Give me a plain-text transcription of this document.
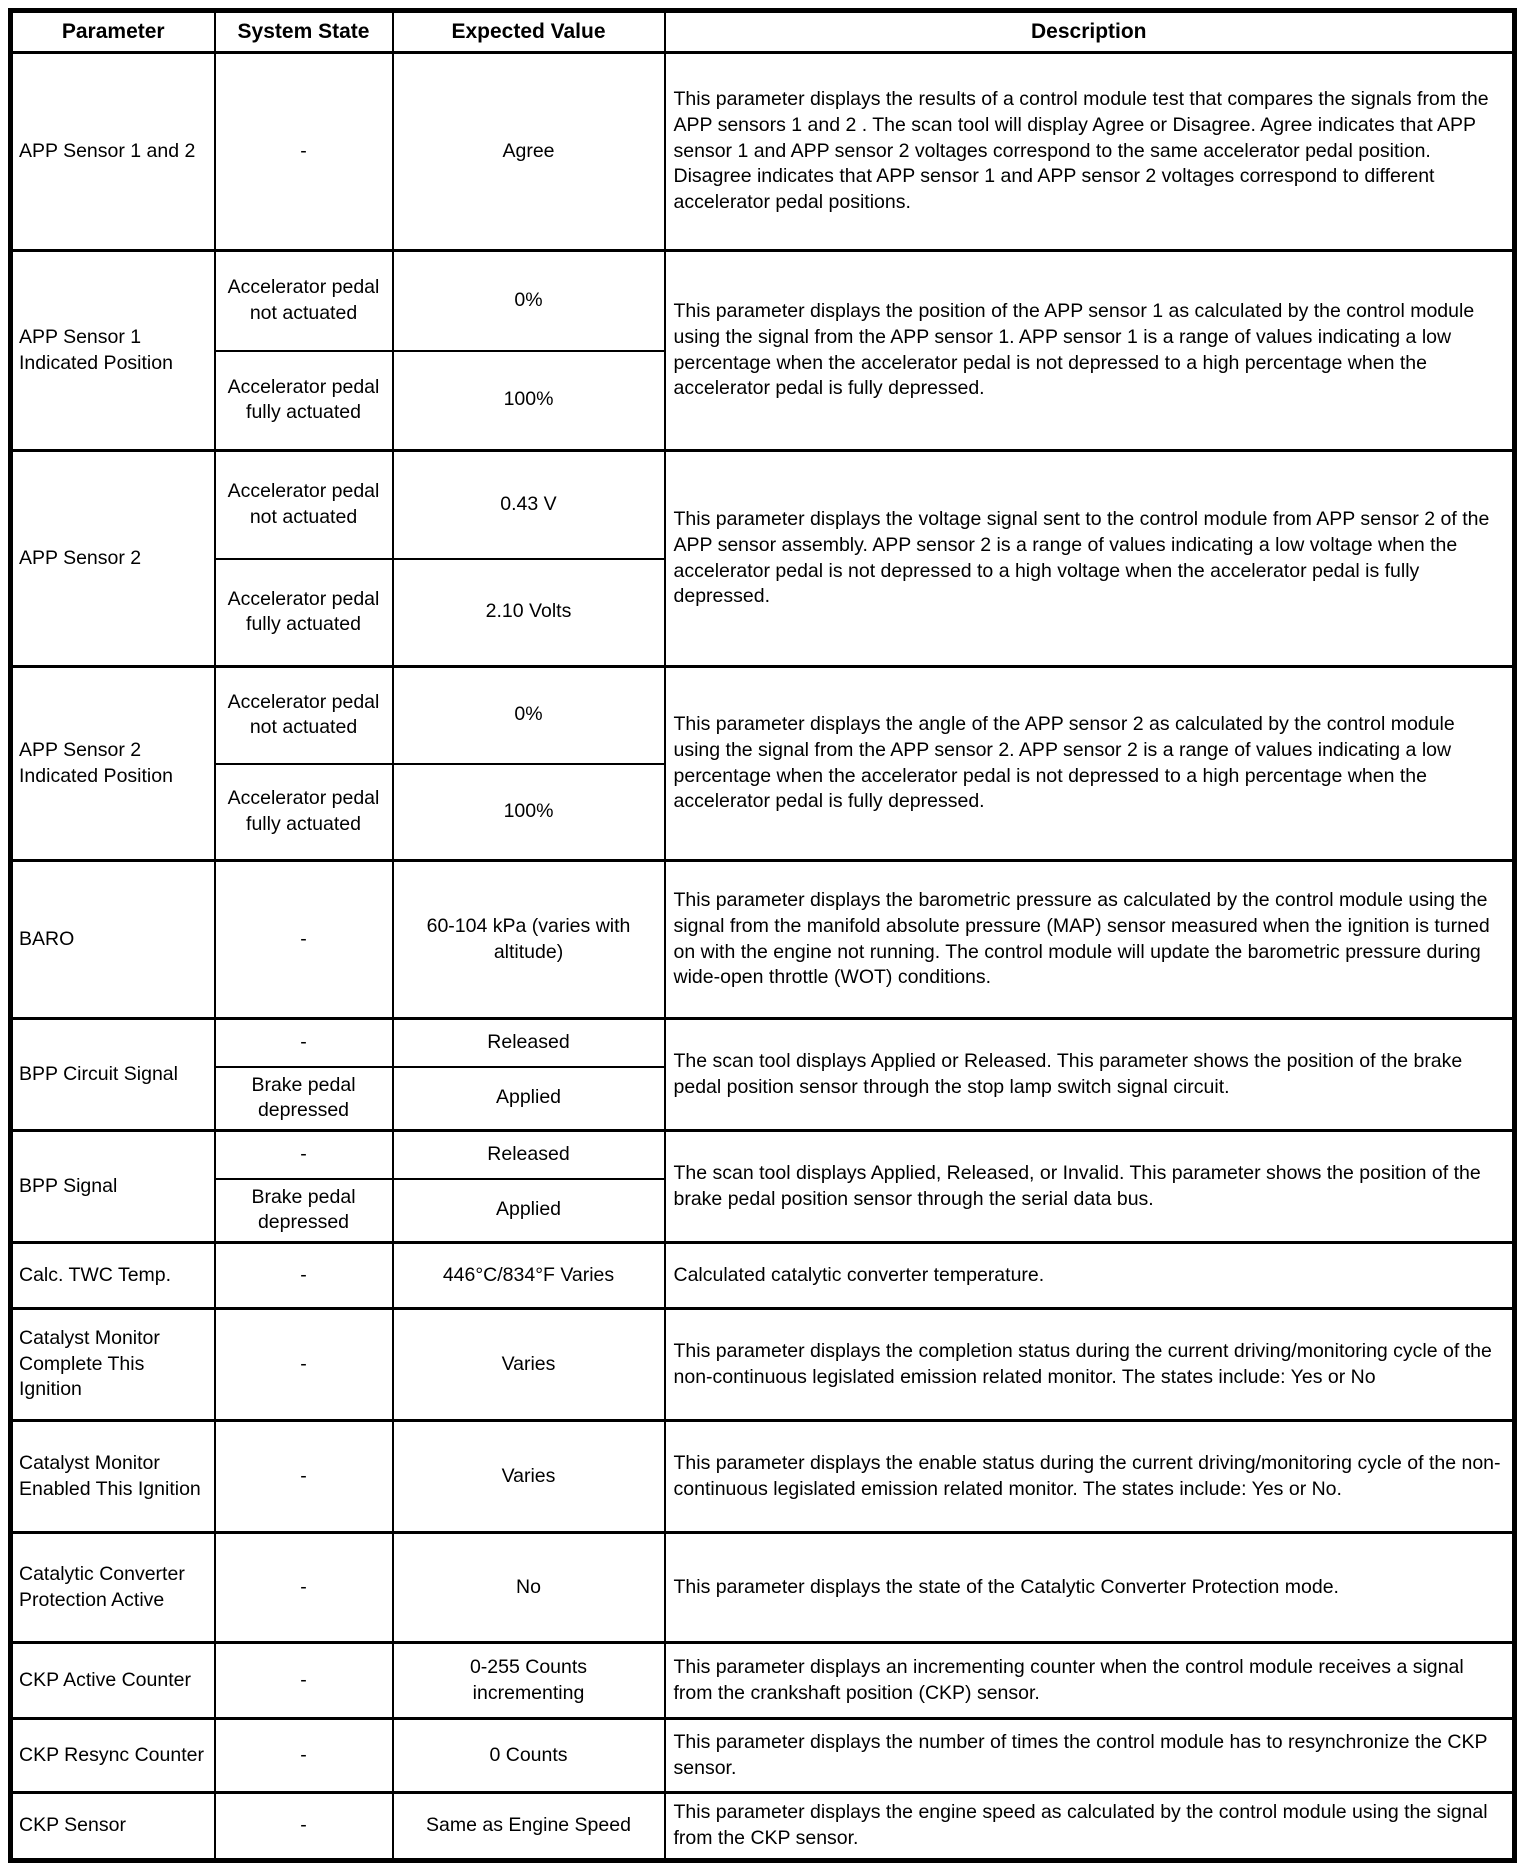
Parameter	System State	Expected Value	Description
APP Sensor 1 and 2	-	Agree	This parameter displays the results of a control module test that compares the signals from the APP sensors 1 and 2 . The scan tool will display Agree or Disagree. Agree indicates that APP sensor 1 and APP sensor 2 voltages correspond to the same accelerator pedal position. Disagree indicates that APP sensor 1 and APP sensor 2 voltages correspond to different accelerator pedal positions.
APP Sensor 1 Indicated Position	Accelerator pedal not actuated	0%	This parameter displays the position of the APP sensor 1 as calculated by the control module using the signal from the APP sensor 1. APP sensor 1 is a range of values indicating a low percentage when the accelerator pedal is not depressed to a high percentage when the accelerator pedal is fully depressed.
	Accelerator pedal fully actuated	100%	
APP Sensor 2	Accelerator pedal not actuated	0.43 V	This parameter displays the voltage signal sent to the control module from APP sensor 2 of the APP sensor assembly. APP sensor 2 is a range of values indicating a low voltage when the accelerator pedal is not depressed to a high voltage when the accelerator pedal is fully depressed.
	Accelerator pedal fully actuated	2.10 Volts	
APP Sensor 2 Indicated Position	Accelerator pedal not actuated	0%	This parameter displays the angle of the APP sensor 2 as calculated by the control module using the signal from the APP sensor 2. APP sensor 2 is a range of values indicating a low percentage when the accelerator pedal is not depressed to a high percentage when the accelerator pedal is fully depressed.
	Accelerator pedal fully actuated	100%	
BARO	-	60-104 kPa (varies with altitude)	This parameter displays the barometric pressure as calculated by the control module using the signal from the manifold absolute pressure (MAP) sensor measured when the ignition is turned on with the engine not running. The control module will update the barometric pressure during wide-open throttle (WOT) conditions.
BPP Circuit Signal	-	Released	The scan tool displays Applied or Released. This parameter shows the position of the brake pedal position sensor through the stop lamp switch signal circuit.
	Brake pedal depressed	Applied	
BPP Signal	-	Released	The scan tool displays Applied, Released, or Invalid. This parameter shows the position of the brake pedal position sensor through the serial data bus.
	Brake pedal depressed	Applied	
Calc. TWC Temp.	-	446°C/834°F Varies	Calculated catalytic converter temperature.
Catalyst Monitor Complete This Ignition	-	Varies	This parameter displays the completion status during the current driving/monitoring cycle of the non-continuous legislated emission related monitor. The states include: Yes or No
Catalyst Monitor Enabled This Ignition	-	Varies	This parameter displays the enable status during the current driving/monitoring cycle of the non-continuous legislated emission related monitor. The states include: Yes or No.
Catalytic Converter Protection Active	-	No	This parameter displays the state of the Catalytic Converter Protection mode.
CKP Active Counter	-	0-255 Counts incrementing	This parameter displays an incrementing counter when the control module receives a signal from the crankshaft position (CKP) sensor.
CKP Resync Counter	-	0 Counts	This parameter displays the number of times the control module has to resynchronize the CKP sensor.
CKP Sensor	-	Same as Engine Speed	This parameter displays the engine speed as calculated by the control module using the signal from the CKP sensor.
